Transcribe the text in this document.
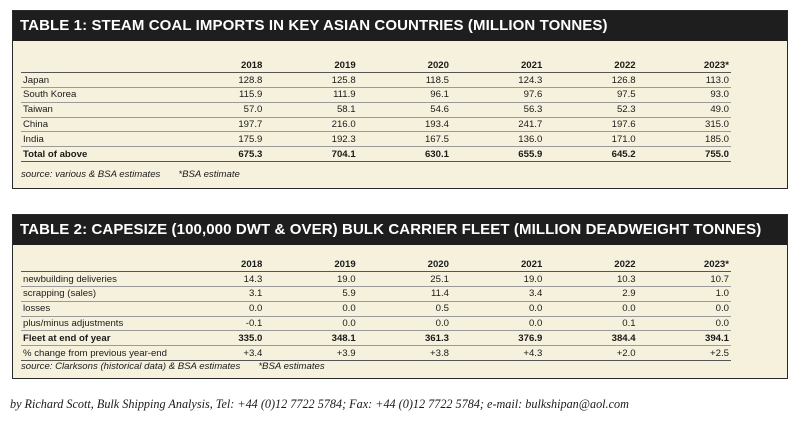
TABLE 1: STEAM COAL IMPORTS IN KEY ASIAN COUNTRIES (MILLION TONNES)
	2018	2019	2020	2021	2022	2023*
Japan	128.8	125.8	118.5	124.3	126.8	113.0
South Korea	115.9	111.9	96.1	97.6	97.5	93.0
Taiwan	57.0	58.1	54.6	56.3	52.3	49.0
China	197.7	216.0	193.4	241.7	197.6	315.0
India	175.9	192.3	167.5	136.0	171.0	185.0
Total of above	675.3	704.1	630.1	655.9	645.2	755.0
source: various & BSA estimates *BSA estimate
TABLE 2: CAPESIZE (100,000 DWT & OVER) BULK CARRIER FLEET (MILLION DEADWEIGHT TONNES)
	2018	2019	2020	2021	2022	2023*
newbuilding deliveries	14.3	19.0	25.1	19.0	10.3	10.7
scrapping (sales)	3.1	5.9	11.4	3.4	2.9	1.0
losses	0.0	0.0	0.5	0.0	0.0	0.0
plus/minus adjustments	-0.1	0.0	0.0	0.0	0.1	0.0
Fleet at end of year	335.0	348.1	361.3	376.9	384.4	394.1
% change from previous year-end	+3.4	+3.9	+3.8	+4.3	+2.0	+2.5
source: Clarksons (historical data) & BSA estimates *BSA estimates
by Richard Scott, Bulk Shipping Analysis, Tel: +44 (0)12 7722 5784; Fax: +44 (0)12 7722 5784; e-mail: bulkshipan@aol.com
